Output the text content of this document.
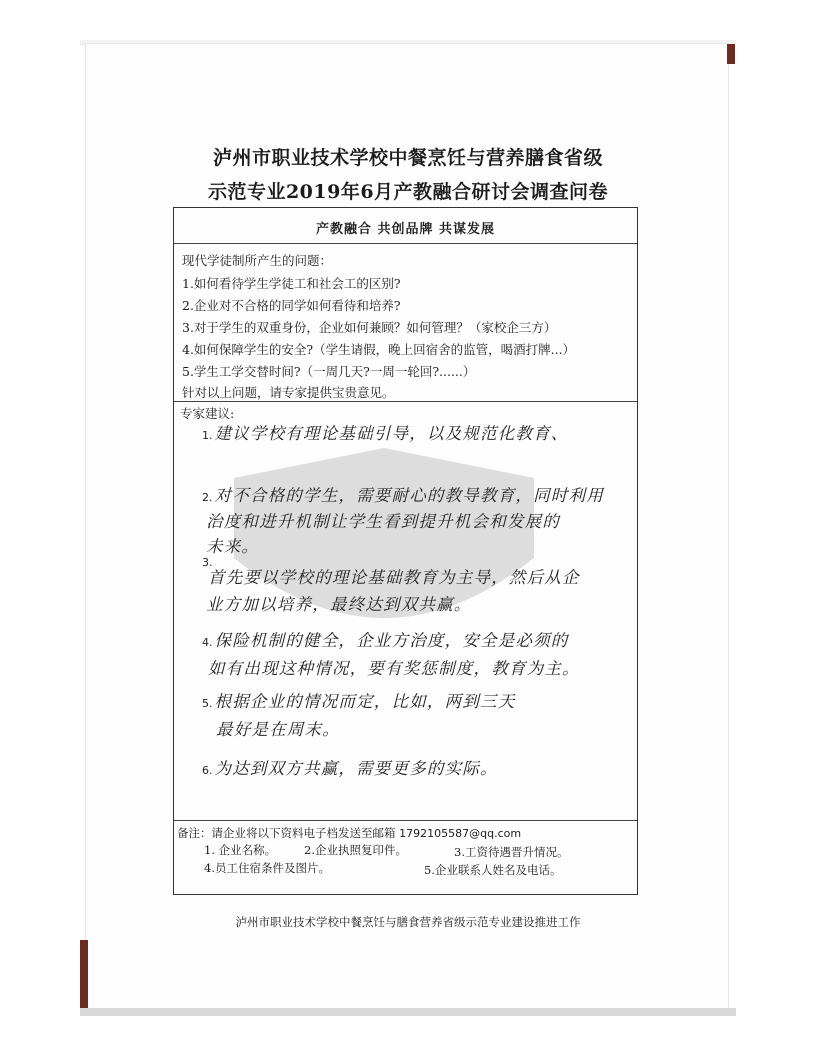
泸州市职业技术学校中餐烹饪与营养膳食省级
示范专业2019年6月产教融合研讨会调查问卷
产教融合 共创品牌 共谋发展
现代学徒制所产生的问题：
1.如何看待学生学徒工和社会工的区别?
2.企业对不合格的同学如何看待和培养?
3.对于学生的双重身份，企业如何兼顾？如何管理？（家校企三方）
4.如何保障学生的安全?（学生请假，晚上回宿舍的监管，喝酒打牌...）
5.学生工学交替时间?（一周几天?一周一轮回?......）
针对以上问题，请专家提供宝贵意见。
专家建议:
1. 建议学校有理论基础引导，以及规范化教育、
2. 对不合格的学生，需要耐心的教导教育，同时利用
治度和进升机制让学生看到提升机会和发展的
未来。
3.
首先要以学校的理论基础教育为主导，然后从企
业方加以培养，最终达到双共赢。
4. 保险机制的健全，企业方治度，安全是必须的
如有出现这种情况，要有奖惩制度，教育为主。
5. 根据企业的情况而定，比如，两到三天
最好是在周末。
6. 为达到双方共赢，需要更多的实际。
备注：请企业将以下资料电子档发送至邮箱 1792105587@qq.com
1. 企业名称。 2.企业执照复印件。	3.工资待遇晋升情况。
4.员工住宿条件及图片。	5.企业联系人姓名及电话。
泸州市职业技术学校中餐烹饪与膳食营养省级示范专业建设推进工作
